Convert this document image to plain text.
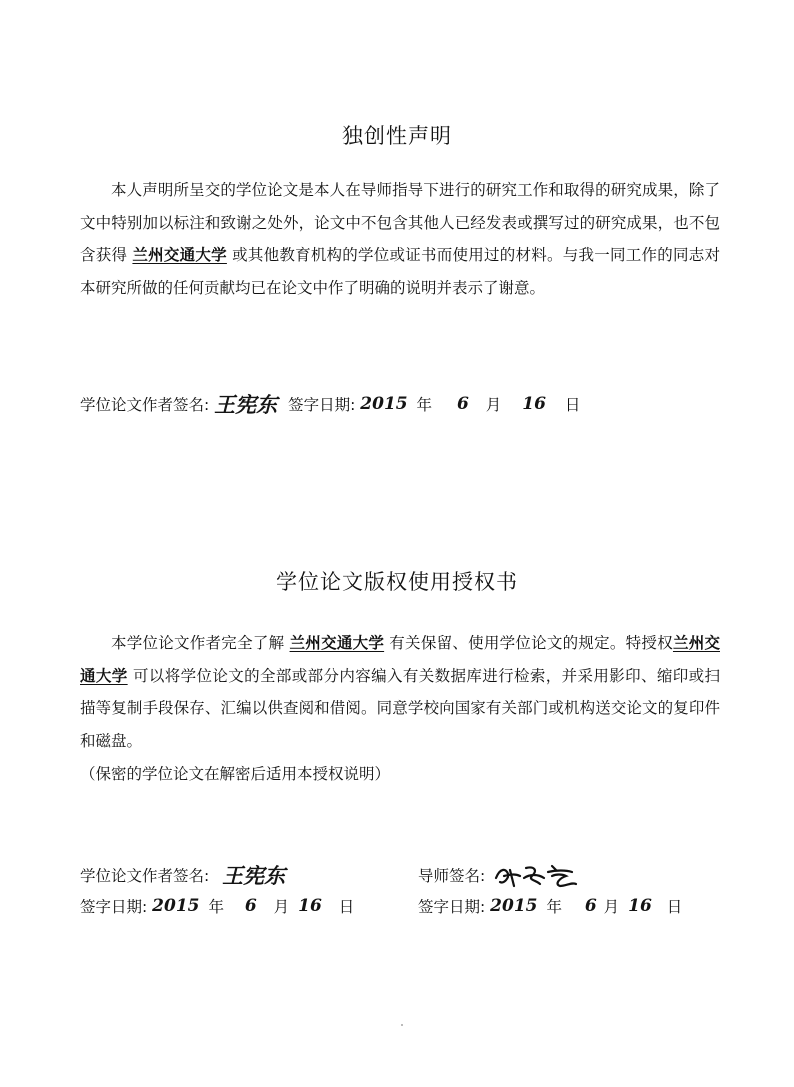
独创性声明
本人声明所呈交的学位论文是本人在导师指导下进行的研究工作和取得的研究成果，除了文中特别加以标注和致谢之处外，论文中不包含其他人已经发表或撰写过的研究成果，也不包含获得 兰州交通大学 或其他教育机构的学位或证书而使用过的材料。与我一同工作的同志对本研究所做的任何贡献均已在论文中作了明确的说明并表示了谢意。
学位论文作者签名: 王宪东 签字日期: 2015 年 6 月 16 日
学位论文版权使用授权书
本学位论文作者完全了解 兰州交通大学 有关保留、使用学位论文的规定。特授权兰州交通大学 可以将学位论文的全部或部分内容编入有关数据库进行检索，并采用影印、缩印或扫描等复制手段保存、汇编以供查阅和借阅。同意学校向国家有关部门或机构送交论文的复印件和磁盘。
（保密的学位论文在解密后适用本授权说明）
学位论文作者签名: 王宪东	导师签名:
签字日期: 2015 年 6 月 16 日	签字日期: 2015 年 6 月 16 日
